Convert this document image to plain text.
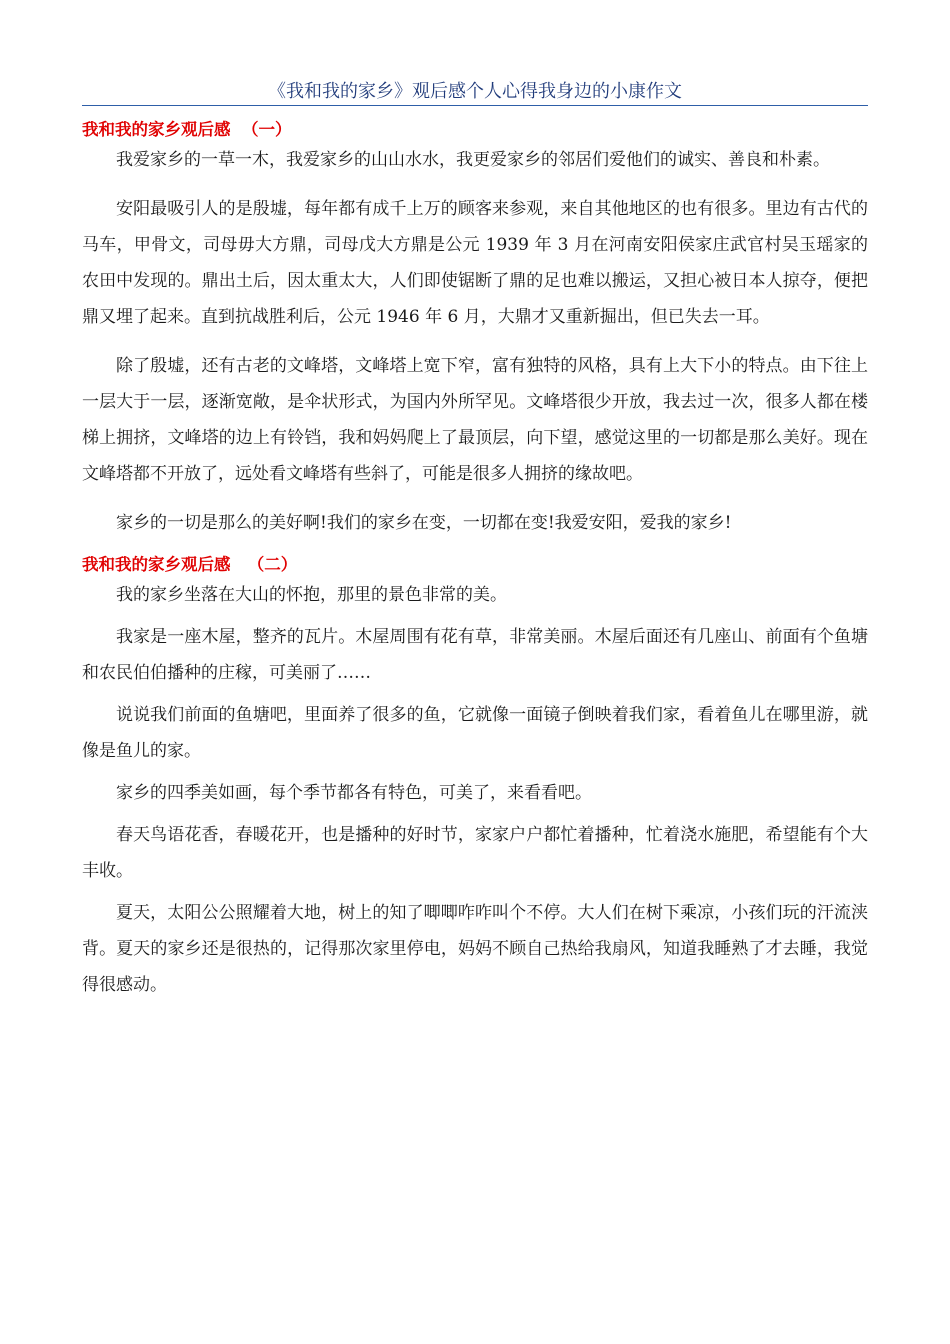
《我和我的家乡》观后感个人心得我身边的小康作文
我和我的家乡观后感  （一）

我爱家乡的一草一木，我爱家乡的山山水水，我更爱家乡的邻居们爱他们的诚实、善良和朴素。

安阳最吸引人的是殷墟，每年都有成千上万的顾客来参观，来自其他地区的也有很多。里边有古代的马车，甲骨文，司母毋大方鼎，司母戊大方鼎是公元 1939 年 3 月在河南安阳侯家庄武官村吴玉瑶家的农田中发现的。鼎出土后，因太重太大，人们即使锯断了鼎的足也难以搬运，又担心被日本人掠夺，便把鼎又埋了起来。直到抗战胜利后，公元 1946 年 6 月，大鼎才又重新掘出，但已失去一耳。

除了殷墟，还有古老的文峰塔，文峰塔上宽下窄，富有独特的风格，具有上大下小的特点。由下往上一层大于一层，逐渐宽敞，是伞状形式，为国内外所罕见。文峰塔很少开放，我去过一次，很多人都在楼梯上拥挤，文峰塔的边上有铃铛，我和妈妈爬上了最顶层，向下望，感觉这里的一切都是那么美好。现在文峰塔都不开放了，远处看文峰塔有些斜了，可能是很多人拥挤的缘故吧。

家乡的一切是那么的美好啊!我们的家乡在变，一切都在变!我爱安阳，爱我的家乡!

我和我的家乡观后感   （二）

我的家乡坐落在大山的怀抱，那里的景色非常的美。

我家是一座木屋，整齐的瓦片。木屋周围有花有草，非常美丽。木屋后面还有几座山、前面有个鱼塘和农民伯伯播种的庄稼，可美丽了……

说说我们前面的鱼塘吧，里面养了很多的鱼，它就像一面镜子倒映着我们家，看着鱼儿在哪里游，就像是鱼儿的家。

家乡的四季美如画，每个季节都各有特色，可美了，来看看吧。

春天鸟语花香，春暖花开，也是播种的好时节，家家户户都忙着播种，忙着浇水施肥，希望能有个大丰收。

夏天，太阳公公照耀着大地，树上的知了唧唧咋咋叫个不停。大人们在树下乘凉，小孩们玩的汗流浃背。夏天的家乡还是很热的，记得那次家里停电，妈妈不顾自己热给我扇风，知道我睡熟了才去睡，我觉得很感动。
